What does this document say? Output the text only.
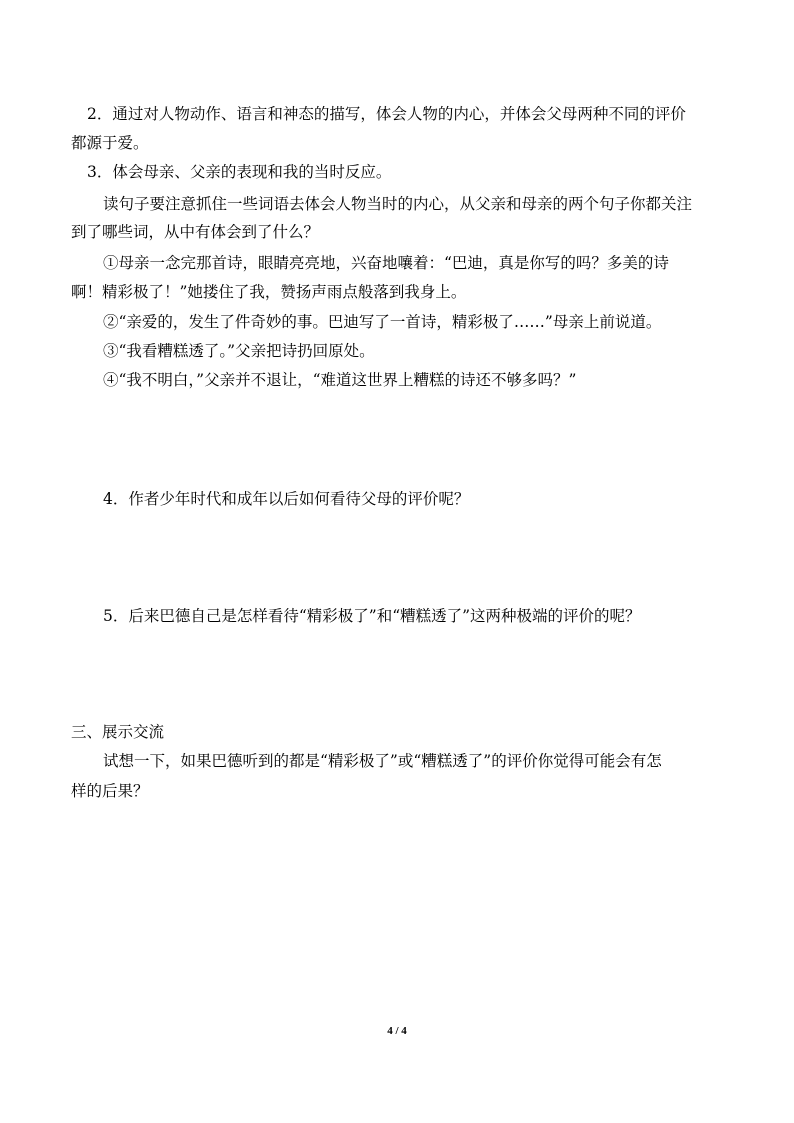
2．通过对人物动作、语言和神态的描写，体会人物的内心，并体会父母两种不同的评价
都源于爱。
3．体会母亲、父亲的表现和我的当时反应。
读句子要注意抓住一些词语去体会人物当时的内心，从父亲和母亲的两个句子你都关注
到了哪些词，从中有体会到了什么？
①母亲一念完那首诗，眼睛亮亮地，兴奋地嚷着：“巴迪，真是你写的吗？多美的诗
啊！精彩极了！”她搂住了我，赞扬声雨点般落到我身上。
②“亲爱的，发生了件奇妙的事。巴迪写了一首诗，精彩极了……”母亲上前说道。
③“我看糟糕透了。”父亲把诗扔回原处。
④“我不明白，”父亲并不退让，“难道这世界上糟糕的诗还不够多吗？”
4．作者少年时代和成年以后如何看待父母的评价呢？
5．后来巴德自己是怎样看待“精彩极了”和“糟糕透了”这两种极端的评价的呢？
三、展示交流
试想一下，如果巴德听到的都是“精彩极了”或“糟糕透了”的评价你觉得可能会有怎
样的后果？
4 / 4
